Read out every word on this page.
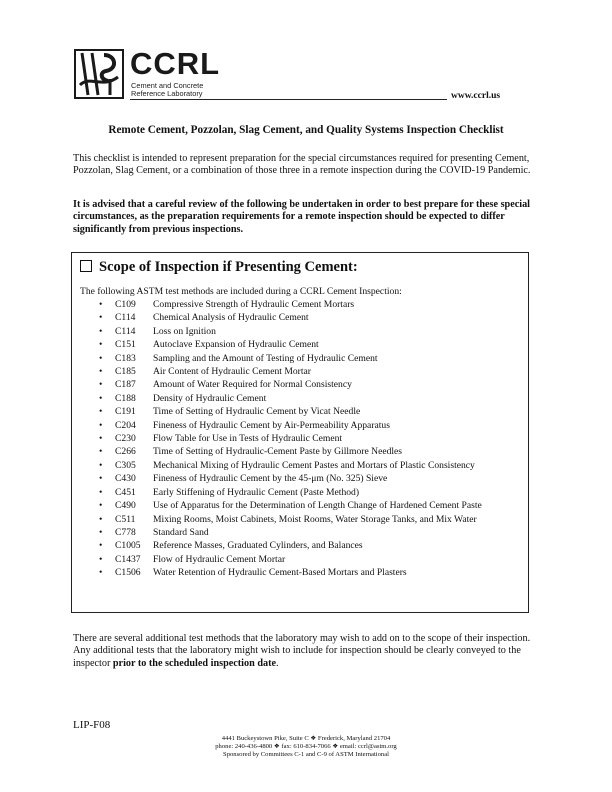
CCRL
Cement and Concrete
Reference Laboratory	www.ccrl.us
Remote Cement, Pozzolan, Slag Cement, and Quality Systems Inspection Checklist
This checklist is intended to represent preparation for the special circumstances required for presenting Cement, Pozzolan, Slag Cement, or a combination of those three in a remote inspection during the COVID-19 Pandemic.
It is advised that a careful review of the following be undertaken in order to best prepare for these special circumstances, as the preparation requirements for a remote inspection should be expected to differ significantly from previous inspections.
Scope of Inspection if Presenting Cement:
The following ASTM test methods are included during a CCRL Cement Inspection:
• C109 Compressive Strength of Hydraulic Cement Mortars
• C114 Chemical Analysis of Hydraulic Cement
• C114 Loss on Ignition
• C151 Autoclave Expansion of Hydraulic Cement
• C183 Sampling and the Amount of Testing of Hydraulic Cement
• C185 Air Content of Hydraulic Cement Mortar
• C187 Amount of Water Required for Normal Consistency
• C188 Density of Hydraulic Cement
• C191 Time of Setting of Hydraulic Cement by Vicat Needle
• C204 Fineness of Hydraulic Cement by Air-Permeability Apparatus
• C230 Flow Table for Use in Tests of Hydraulic Cement
• C266 Time of Setting of Hydraulic-Cement Paste by Gillmore Needles
• C305 Mechanical Mixing of Hydraulic Cement Pastes and Mortars of Plastic Consistency
• C430 Fineness of Hydraulic Cement by the 45-μm (No. 325) Sieve
• C451 Early Stiffening of Hydraulic Cement (Paste Method)
• C490 Use of Apparatus for the Determination of Length Change of Hardened Cement Paste
• C511 Mixing Rooms, Moist Cabinets, Moist Rooms, Water Storage Tanks, and Mix Water
• C778 Standard Sand
• C1005 Reference Masses, Graduated Cylinders, and Balances
• C1437 Flow of Hydraulic Cement Mortar
• C1506 Water Retention of Hydraulic Cement-Based Mortars and Plasters
There are several additional test methods that the laboratory may wish to add on to the scope of their inspection. Any additional tests that the laboratory might wish to include for inspection should be clearly conveyed to the inspector prior to the scheduled inspection date.
LIP-F08
4441 Buckeystown Pike, Suite C ❖ Frederick, Maryland 21704
phone: 240-436-4800 ❖ fax: 610-834-7066 ❖ email: ccrl@astm.org
Sponsored by Committees C-1 and C-9 of ASTM International
